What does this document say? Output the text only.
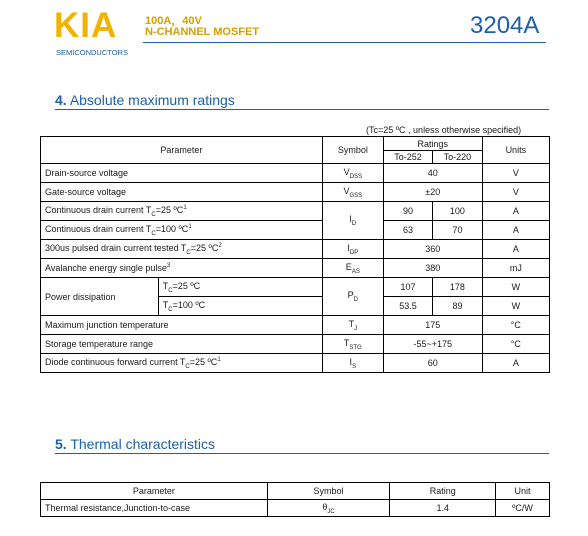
KIA
SEMICONDUCTORS
100A，40V
N-CHANNEL MOSFET	3204A
4. Absolute maximum ratings
(Tc=25 ºC , unless otherwise specified)
Parameter		Symbol	Ratings		Units
			To-252	To-220	
Drain-source voltage		$V_{DSS}$	40		V
Gate-source voltage		$V_{GSS}$	±20		V
Continuous drain current $T_C=25$ ºC$^1$		$I_D$	90	100	A
Continuous drain current $T_C=100$ ºC$^1$			63	70	A
300us pulsed drain current tested $T_C=25$ ºC$^2$		$I_{DP}$	360		A
Avalanche energy single pulse$^3$		$E_{AS}$	380		mJ
Power dissipation	$T_C=25$ ºC	$P_D$	107	178	W
	$T_C=100$ ºC		53.5	89	W
Maximum junction temperature		$T_J$	175		°C
Storage temperature range		$T_{STG}$	-55~+175		°C
Diode continuous forward current $T_C=25$ ºC$^1$		$I_S$	60		A
5. Thermal characteristics
Parameter	Symbol	Rating	Unit
Thermal resistance,Junction-to-case	$\theta_{JC}$	1.4	ºC/W
